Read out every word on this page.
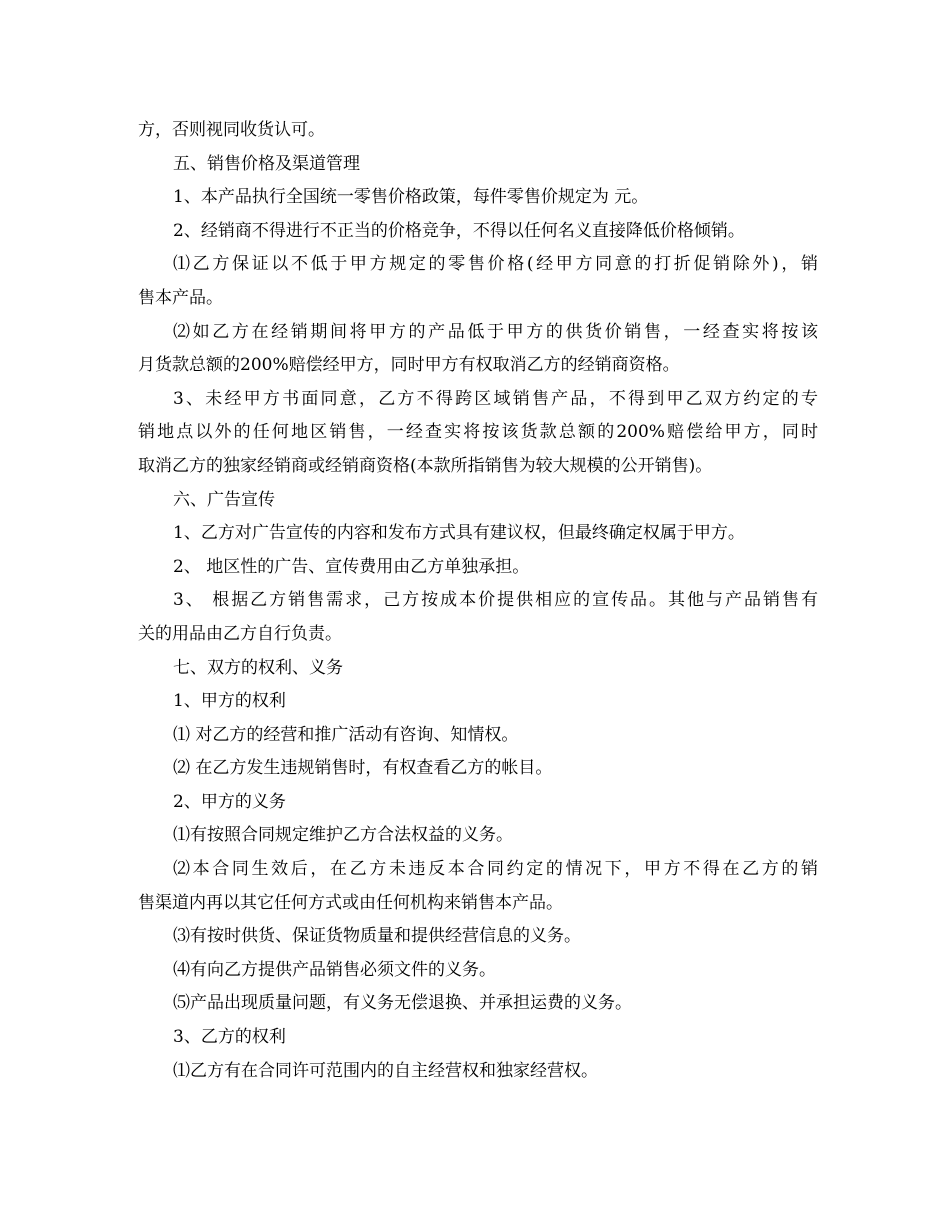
方，否则视同收货认可。
五、销售价格及渠道管理
1、本产品执行全国统一零售价格政策，每件零售价规定为 元。
2、经销商不得进行不正当的价格竞争，不得以任何名义直接降低价格倾销。
⑴乙方保证以不低于甲方规定的零售价格(经甲方同意的打折促销除外)，销
售本产品。
⑵如乙方在经销期间将甲方的产品低于甲方的供货价销售，一经查实将按该
月货款总额的200%赔偿经甲方，同时甲方有权取消乙方的经销商资格。
3、未经甲方书面同意，乙方不得跨区域销售产品，不得到甲乙双方约定的专
销地点以外的任何地区销售，一经查实将按该货款总额的200%赔偿给甲方，同时
取消乙方的独家经销商或经销商资格(本款所指销售为较大规模的公开销售)。
六、广告宣传
1、乙方对广告宣传的内容和发布方式具有建议权，但最终确定权属于甲方。
2、 地区性的广告、宣传费用由乙方单独承担。
3、 根据乙方销售需求，己方按成本价提供相应的宣传品。其他与产品销售有
关的用品由乙方自行负责。
七、双方的权利、义务
1、甲方的权利
⑴ 对乙方的经营和推广活动有咨询、知情权。
⑵ 在乙方发生违规销售时，有权查看乙方的帐目。
2、甲方的义务
⑴有按照合同规定维护乙方合法权益的义务。
⑵本合同生效后，在乙方未违反本合同约定的情况下，甲方不得在乙方的销
售渠道内再以其它任何方式或由任何机构来销售本产品。
⑶有按时供货、保证货物质量和提供经营信息的义务。
⑷有向乙方提供产品销售必须文件的义务。
⑸产品出现质量问题，有义务无偿退换、并承担运费的义务。
3、乙方的权利
⑴乙方有在合同许可范围内的自主经营权和独家经营权。
